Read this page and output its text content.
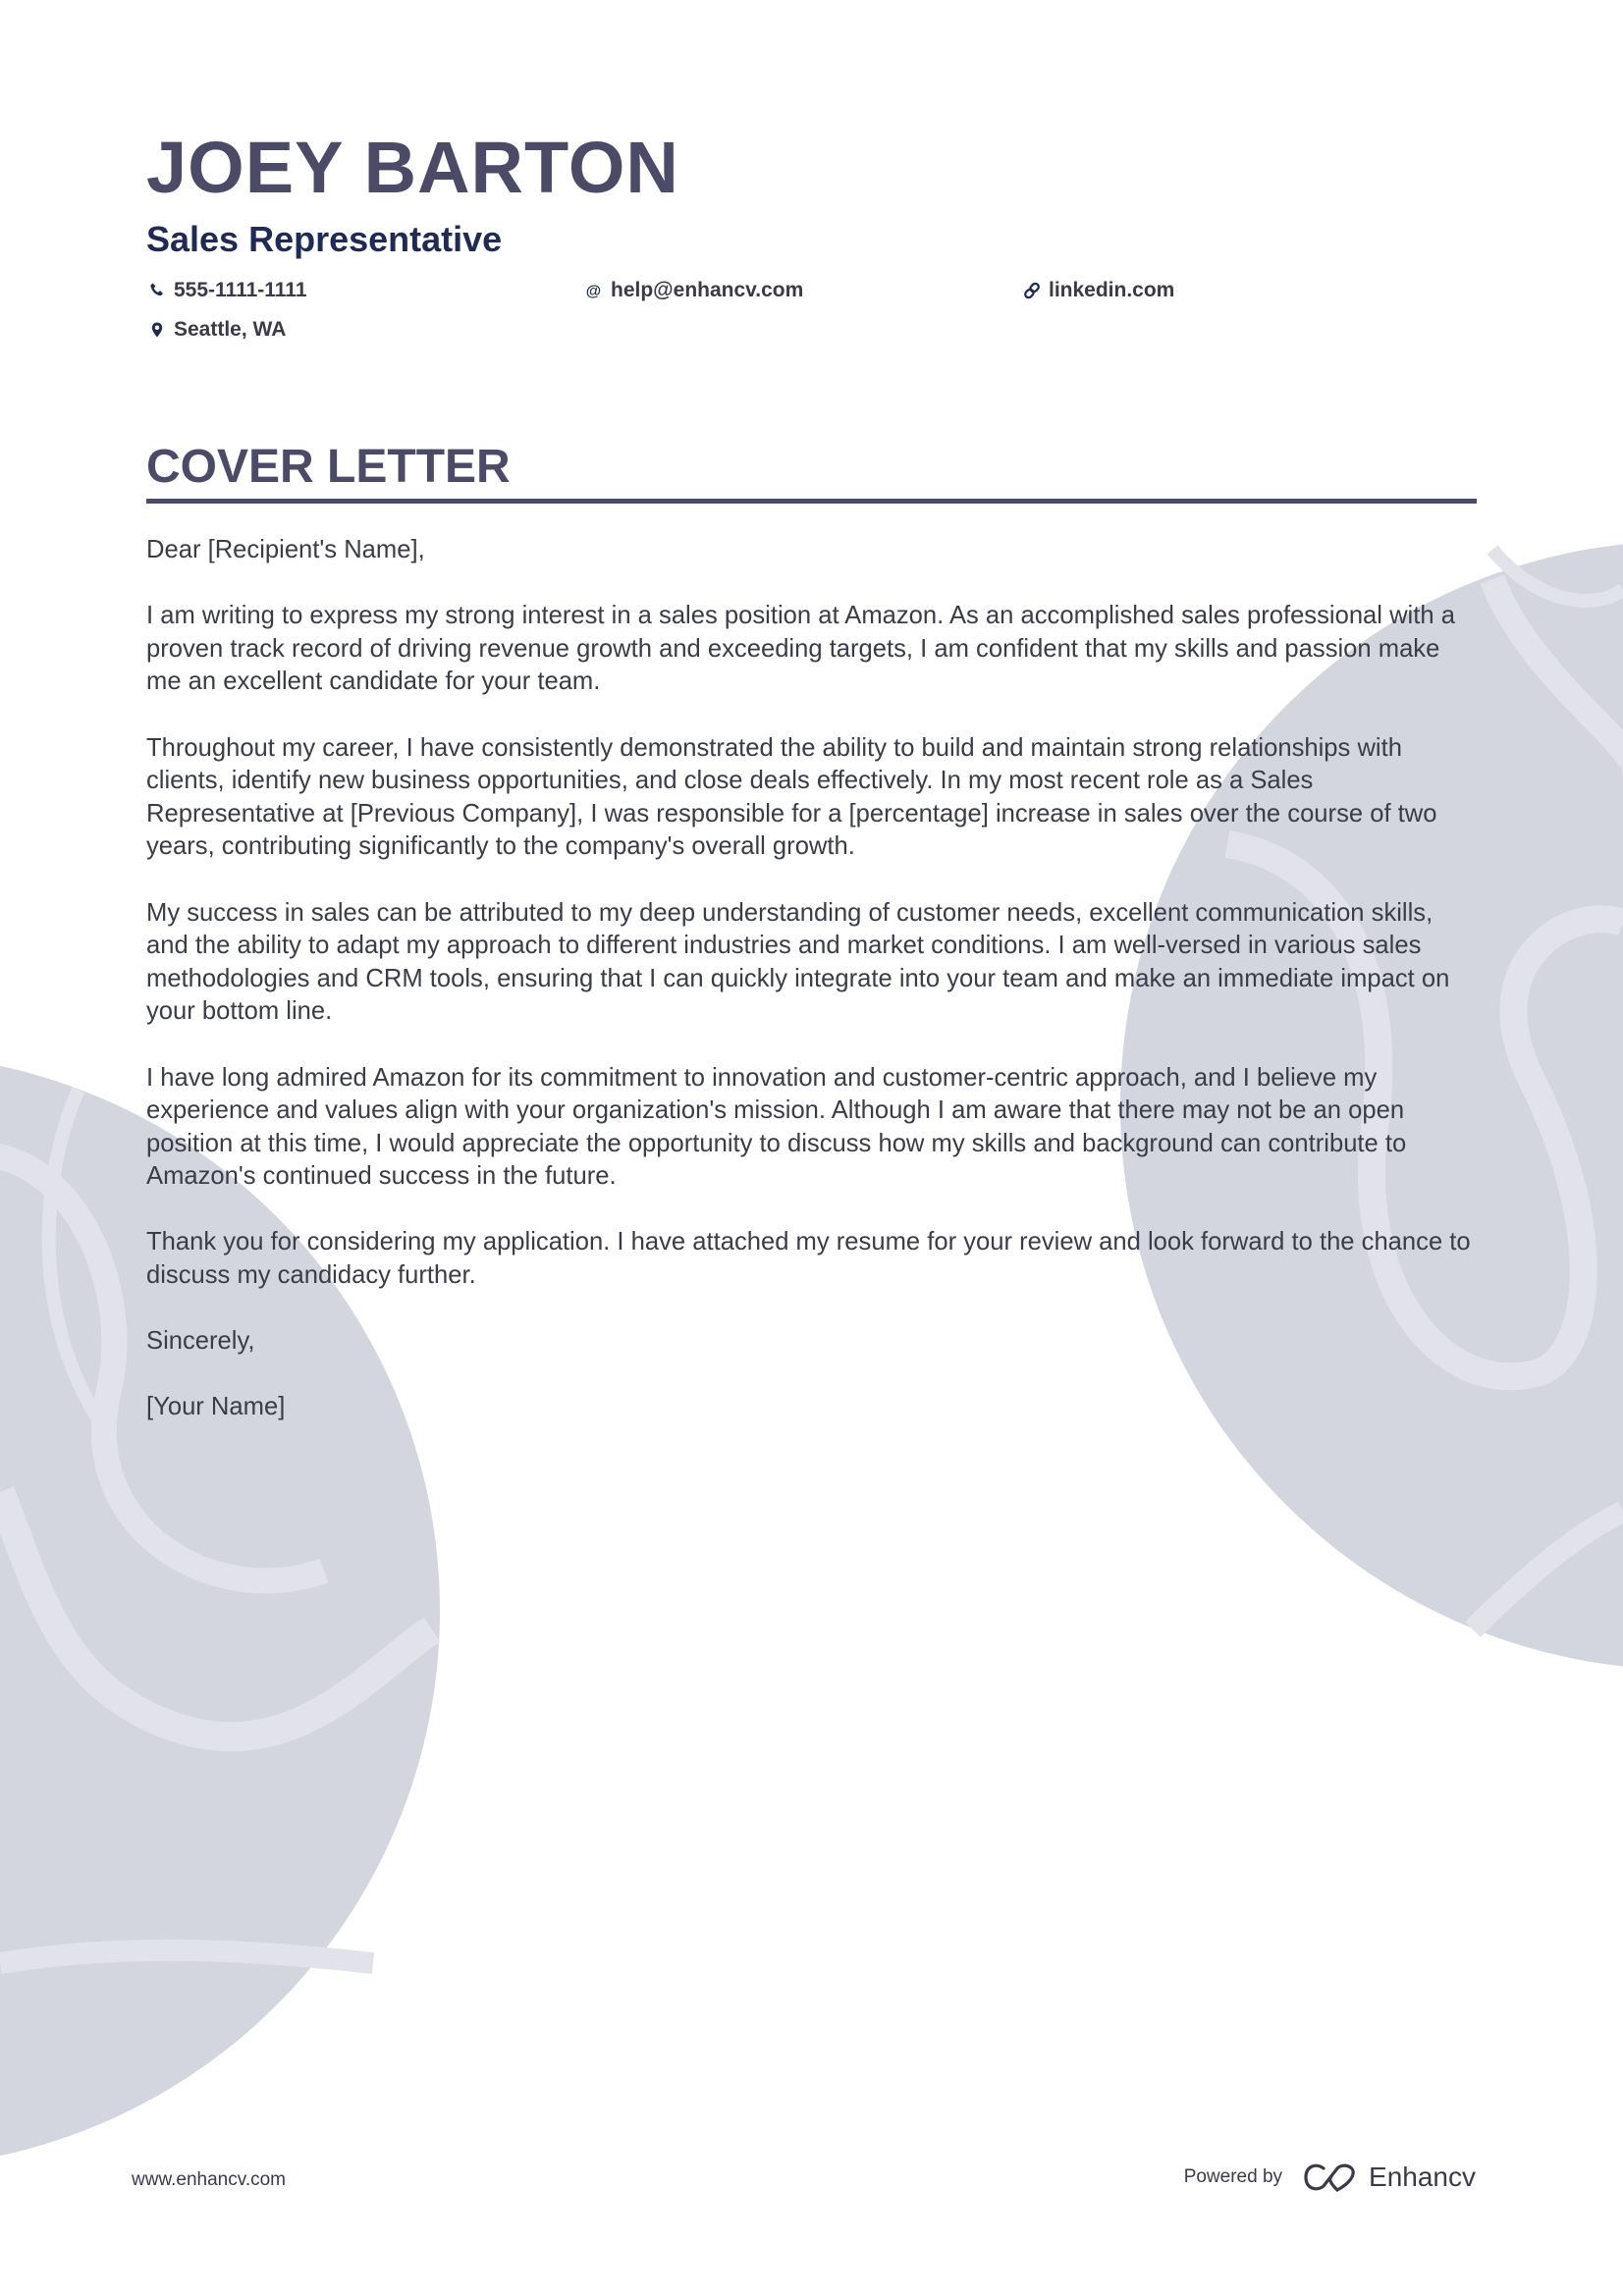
JOEY BARTON
Sales Representative
555-1111-1111	@ help@enhancv.com	linkedin.com
Seattle, WA
COVER LETTER

Dear [Recipient's Name],

I am writing to express my strong interest in a sales position at Amazon. As an accomplished sales professional with a proven track record of driving revenue growth and exceeding targets, I am confident that my skills and passion make me an excellent candidate for your team.

Throughout my career, I have consistently demonstrated the ability to build and maintain strong relationships with clients, identify new business opportunities, and close deals effectively. In my most recent role as a Sales Representative at [Previous Company], I was responsible for a [percentage] increase in sales over the course of two years, contributing significantly to the company's overall growth.

My success in sales can be attributed to my deep understanding of customer needs, excellent communication skills, and the ability to adapt my approach to different industries and market conditions. I am well-versed in various sales methodologies and CRM tools, ensuring that I can quickly integrate into your team and make an immediate impact on your bottom line.

I have long admired Amazon for its commitment to innovation and customer-centric approach, and I believe my experience and values align with your organization's mission. Although I am aware that there may not be an open position at this time, I would appreciate the opportunity to discuss how my skills and background can contribute to Amazon's continued success in the future.

Thank you for considering my application. I have attached my resume for your review and look forward to the chance to discuss my candidacy further.

Sincerely,

[Your Name]

www.enhancv.com	Powered by	Enhancv
